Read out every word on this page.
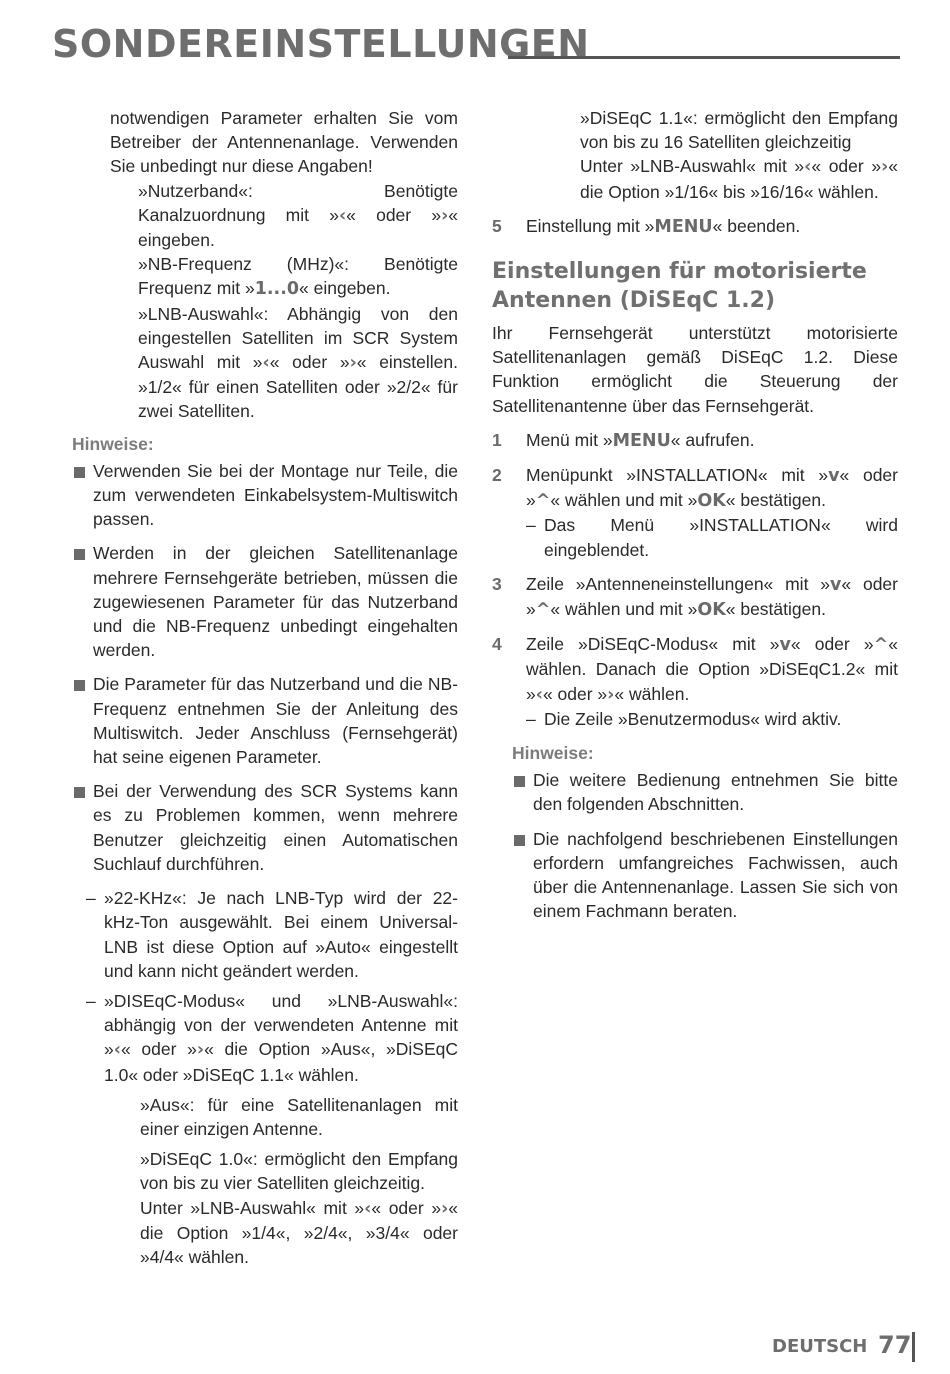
SONDEREINSTELLUNGEN

notwendigen Parameter erhalten Sie vom Betreiber der Antennenanlage. Verwenden Sie unbedingt nur diese Angaben!

»Nutzerband«: Benötigte Kanalzuordnung mit »‹« oder »›« eingeben.

»NB-Frequenz (MHz)«: Benötigte Frequenz mit »1...0« eingeben.

»LNB-Auswahl«: Abhängig von den eingestellen Satelliten im SCR System Auswahl mit »‹« oder »›« einstellen. »1/2« für einen Satelliten oder »2/2« für zwei Satelliten.

Hinweise:
Verwenden Sie bei der Montage nur Teile, die zum verwendeten Einkabelsystem-Multiswitch passen.
Werden in der gleichen Satellitenanlage mehrere Fernsehgeräte betrieben, müssen die zugewiesenen Parameter für das Nutzerband und die NB-Frequenz unbedingt eingehalten werden.
Die Parameter für das Nutzerband und die NB-Frequenz entnehmen Sie der Anleitung des Multiswitch. Jeder Anschluss (Fernsehgerät) hat seine eigenen Parameter.
Bei der Verwendung des SCR Systems kann es zu Problemen kommen, wenn mehrere Benutzer gleichzeitig einen Automatischen Suchlauf durchführen.
– »22-KHz«: Je nach LNB-Typ wird der 22-kHz-Ton ausgewählt. Bei einem Universal-LNB ist diese Option auf »Auto« eingestellt und kann nicht geändert werden.
– »DISEqC-Modus« und »LNB-Auswahl«: abhängig von der verwendeten Antenne mit »‹« oder »›« die Option »Aus«, »DiSEqC 1.0« oder »DiSEqC 1.1« wählen.

»Aus«: für eine Satellitenanlagen mit einer einzigen Antenne.

»DiSEqC 1.0«: ermöglicht den Empfang von bis zu vier Satelliten gleichzeitig.

Unter »LNB-Auswahl« mit »‹« oder »›« die Option »1/4«, »2/4«, »3/4« oder »4/4« wählen.

»DiSEqC 1.1«: ermöglicht den Empfang von bis zu 16 Satelliten gleichzeitig

Unter »LNB-Auswahl« mit »‹« oder »›« die Option »1/16« bis »16/16« wählen.

5 Einstellung mit »MENU« beenden.
Einstellungen für motorisierte Antennen (DiSEqC 1.2)

Ihr Fernsehgerät unterstützt motorisierte Satellitenanlagen gemäß DiSEqC 1.2. Diese Funktion ermöglicht die Steuerung der Satellitenantenne über das Fernsehgerät.

1 Menü mit »MENU« aufrufen.
2 Menüpunkt »INSTALLATION« mit »v« oder »^« wählen und mit »OK« bestätigen.
– Das Menü »INSTALLATION« wird eingeblendet.
3 Zeile »Antenneneinstellungen« mit »v« oder »^« wählen und mit »OK« bestätigen.
4 Zeile »DiSEqC-Modus« mit »v« oder »^« wählen. Danach die Option »DiSEqC1.2« mit »‹« oder »›« wählen.
– Die Zeile »Benutzermodus« wird aktiv.
Hinweise:
Die weitere Bedienung entnehmen Sie bitte den folgenden Abschnitten.
Die nachfolgend beschriebenen Einstellungen erfordern umfangreiches Fachwissen, auch über die Antennenanlage. Lassen Sie sich von einem Fachmann beraten.
DEUTSCH 77
